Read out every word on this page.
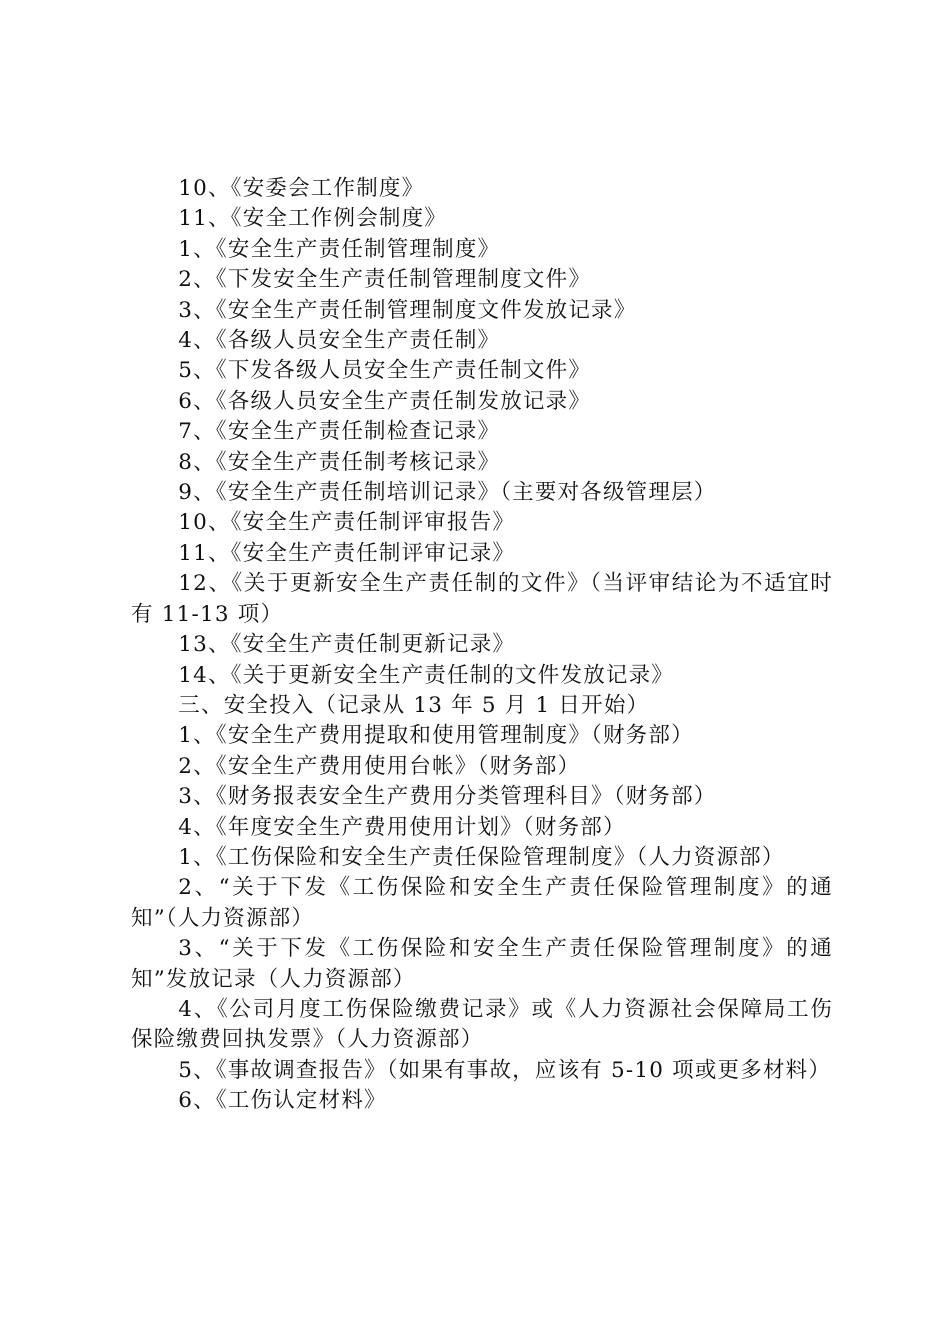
10、《安委会工作制度》

11、《安全工作例会制度》

1、《安全生产责任制管理制度》

2、《下发安全生产责任制管理制度文件》

3、《安全生产责任制管理制度文件发放记录》

4、《各级人员安全生产责任制》

5、《下发各级人员安全生产责任制文件》

6、《各级人员安全生产责任制发放记录》

7、《安全生产责任制检查记录》

8、《安全生产责任制考核记录》

9、《安全生产责任制培训记录》（主要对各级管理层）

10、《安全生产责任制评审报告》

11、《安全生产责任制评审记录》

12、《关于更新安全生产责任制的文件》（当评审结论为不适宜时有 11-13 项）

13、《安全生产责任制更新记录》

14、《关于更新安全生产责任制的文件发放记录》

三、安全投入（记录从 13 年 5 月 1 日开始）

1、《安全生产费用提取和使用管理制度》（财务部）

2、《安全生产费用使用台帐》（财务部）

3、《财务报表安全生产费用分类管理科目》（财务部）

4、《年度安全生产费用使用计划》（财务部）

1、《工伤保险和安全生产责任保险管理制度》（人力资源部）

2、“关于下发《工伤保险和安全生产责任保险管理制度》的通知”（人力资源部）

3、“关于下发《工伤保险和安全生产责任保险管理制度》的通知”发放记录（人力资源部）

4、《公司月度工伤保险缴费记录》或《人力资源社会保障局工伤保险缴费回执发票》（人力资源部）

5、《事故调查报告》（如果有事故，应该有 5-10 项或更多材料）

6、《工伤认定材料》
